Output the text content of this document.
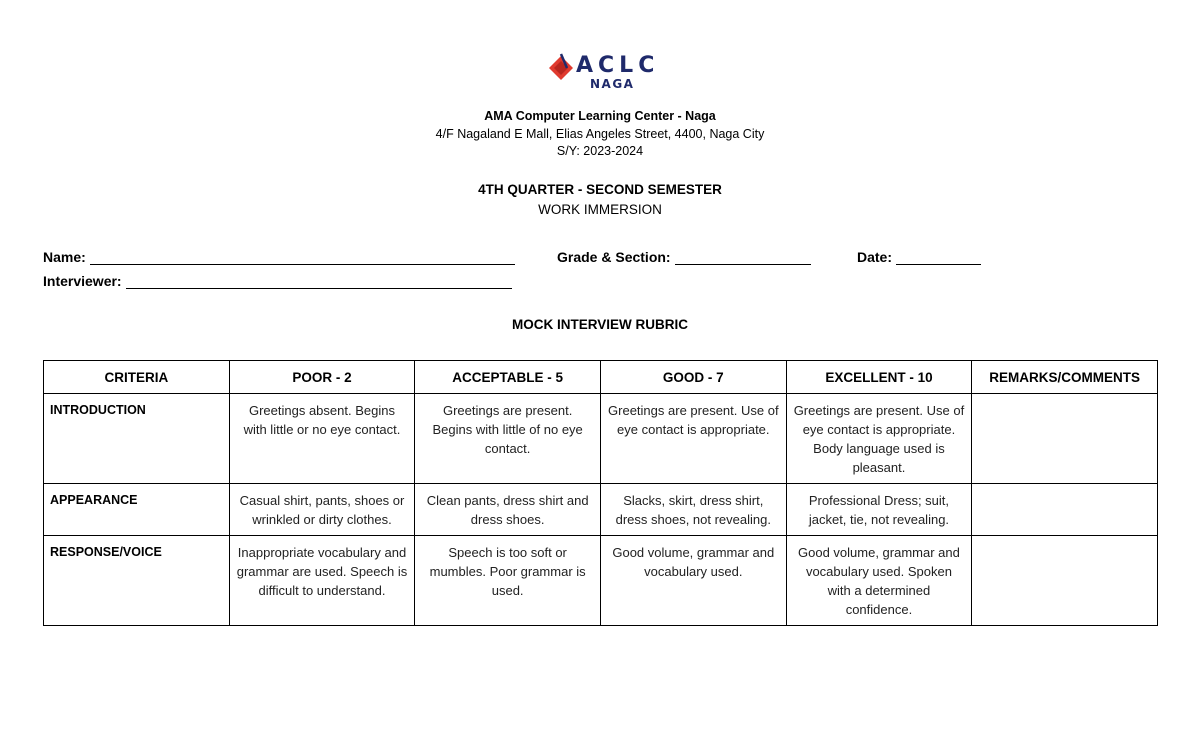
ACLC
NAGA
AMA Computer Learning Center - Naga
4/F Nagaland E Mall, Elias Angeles Street, 4400, Naga City
S/Y: 2023-2024
4TH QUARTER - SECOND SEMESTER
WORK IMMERSION
Name:	Grade & Section:	Date:
Interviewer:
MOCK INTERVIEW RUBRIC
CRITERIA	POOR - 2	ACCEPTABLE - 5	GOOD - 7	EXCELLENT - 10	REMARKS/COMMENTS
INTRODUCTION	Greetings absent. Begins with little or no eye contact.	Greetings are present. Begins with little of no eye contact.	Greetings are present. Use of eye contact is appropriate.	Greetings are present. Use of eye contact is appropriate. Body language used is pleasant.	
APPEARANCE	Casual shirt, pants, shoes or wrinkled or dirty clothes.	Clean pants, dress shirt and dress shoes.	Slacks, skirt, dress shirt, dress shoes, not revealing.	Professional Dress; suit, jacket, tie, not revealing.	
RESPONSE/VOICE	Inappropriate vocabulary and grammar are used. Speech is difficult to understand.	Speech is too soft or mumbles. Poor grammar is used.	Good volume, grammar and vocabulary used.	Good volume, grammar and vocabulary used. Spoken with a determined confidence.	
